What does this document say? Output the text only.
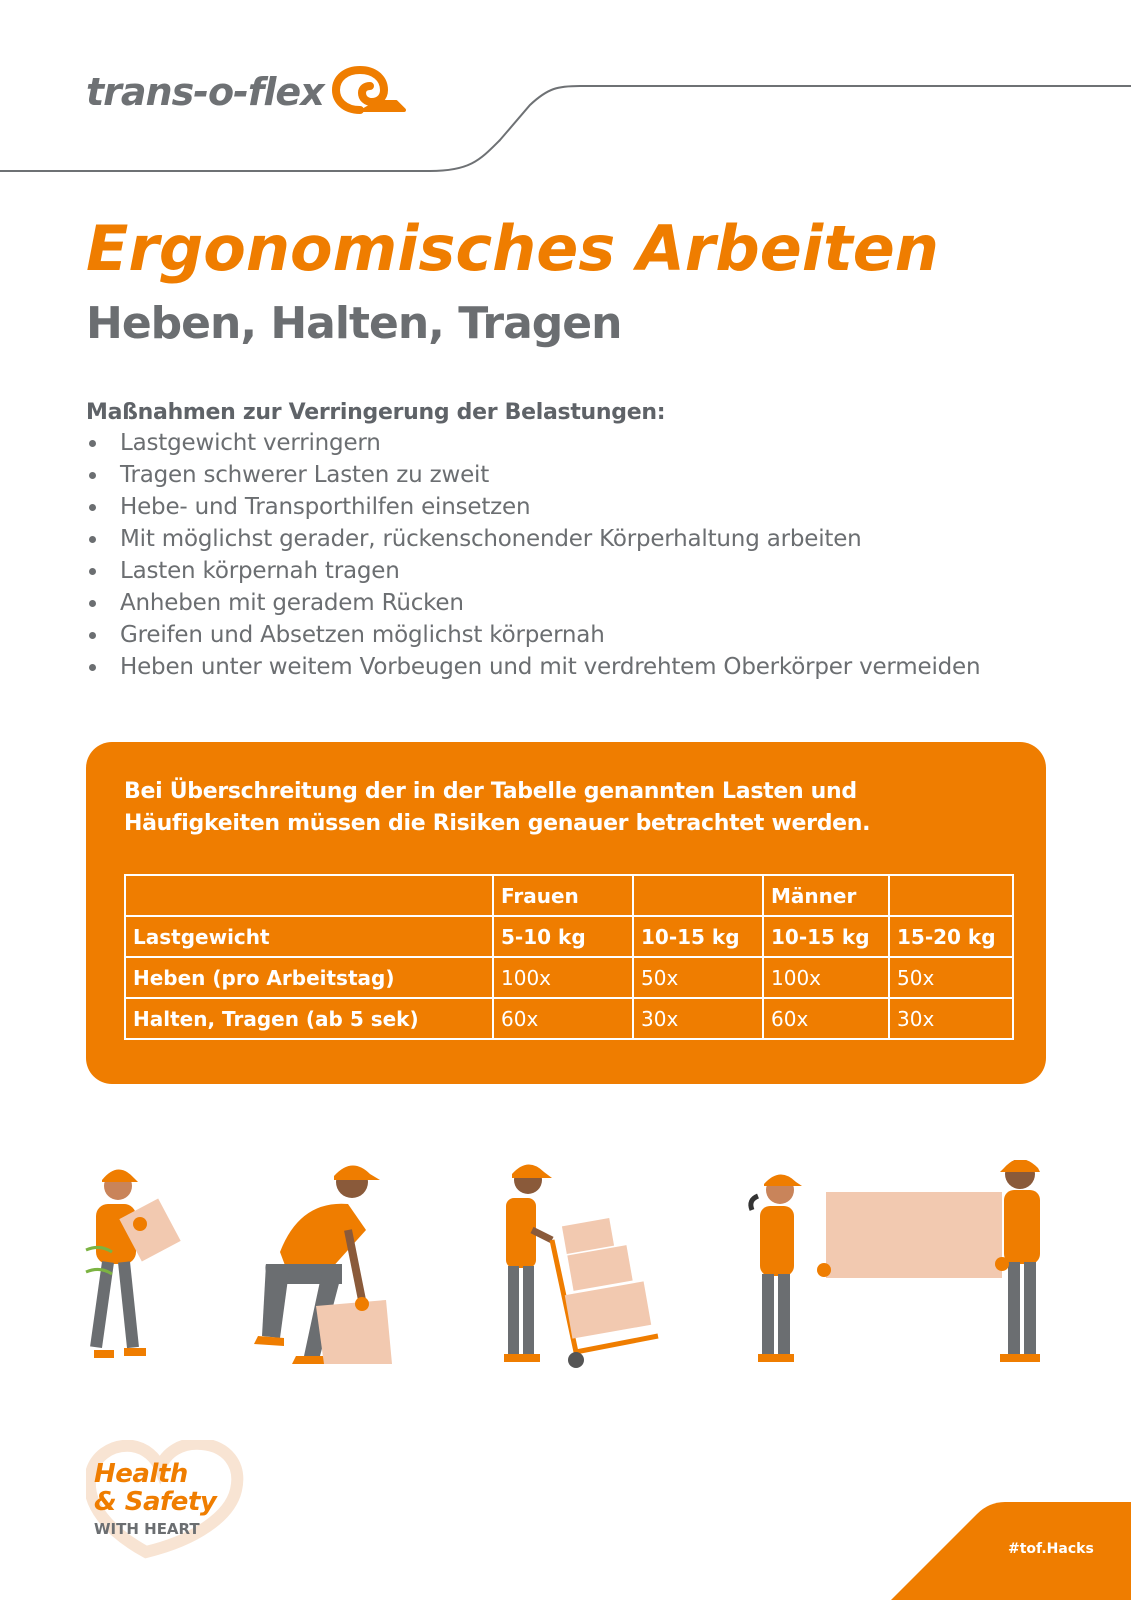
trans-o-flex
Ergonomisches Arbeiten
Heben, Halten, Tragen

Maßnahmen zur Verringerung der Belastungen:

Lastgewicht verringern
Tragen schwerer Lasten zu zweit
Hebe- und Transporthilfen einsetzen
Mit möglichst gerader, rückenschonender Körperhaltung arbeiten
Lasten körpernah tragen
Anheben mit geradem Rücken
Greifen und Absetzen möglichst körpernah
Heben unter weitem Vorbeugen und mit verdrehtem Oberkörper vermeiden

Bei Überschreitung der in der Tabelle genannten Lasten und Häufigkeiten müssen die Risiken genauer betrachtet werden.

	Frauen		Männer	
Lastgewicht	5-10 kg	10-15 kg	10-15 kg	15-20 kg
Heben (pro Arbeitstag)	100x	50x	100x	50x
Halten, Tragen (ab 5 sek)	60x	30x	60x	30x
Health
& Safety
WITH HEART
#tof.Hacks
